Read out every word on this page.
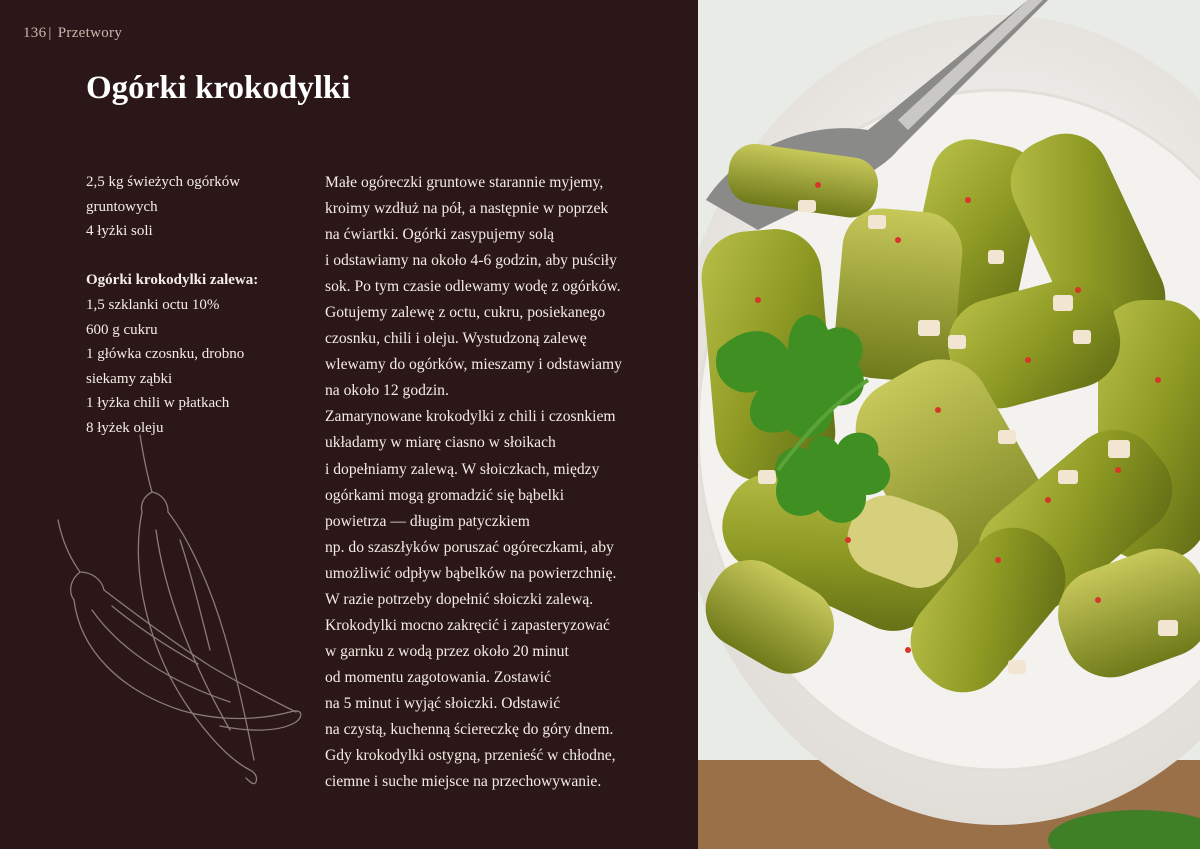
136 | Przetwory
Ogórki krokodylki
2,5 kg świeżych ogórków
gruntowych
4 łyżki soli
Ogórki krokodylki zalewa:
1,5 szklanki octu 10%
600 g cukru
1 główka czosnku, drobno
siekamy ząbki
1 łyżka chili w płatkach
8 łyżek oleju
Małe ogóreczki gruntowe starannie myjemy,
kroimy wzdłuż na pół, a następnie w poprzek
na ćwiartki. Ogórki zasypujemy solą
i odstawiamy na około 4-6 godzin, aby puściły
sok. Po tym czasie odlewamy wodę z ogórków.
Gotujemy zalewę z octu, cukru, posiekanego
czosnku, chili i oleju. Wystudzoną zalewę
wlewamy do ogórków, mieszamy i odstawiamy
na około 12 godzin.
Zamarynowane krokodylki z chili i czosnkiem
układamy w miarę ciasno w słoikach
i dopełniamy zalewą. W słoiczkach, między
ogórkami mogą gromadzić się bąbelki
powietrza — długim patyczkiem
np. do szaszłyków poruszać ogóreczkami, aby
umożliwić odpływ bąbelków na powierzchnię.
W razie potrzeby dopełnić słoiczki zalewą.
Krokodylki mocno zakręcić i zapasteryzować
w garnku z wodą przez około 20 minut
od momentu zagotowania. Zostawić
na 5 minut i wyjąć słoiczki. Odstawić
na czystą, kuchenną ściereczkę do góry dnem.
Gdy krokodylki ostygną, przenieść w chłodne,
ciemne i suche miejsce na przechowywanie.
